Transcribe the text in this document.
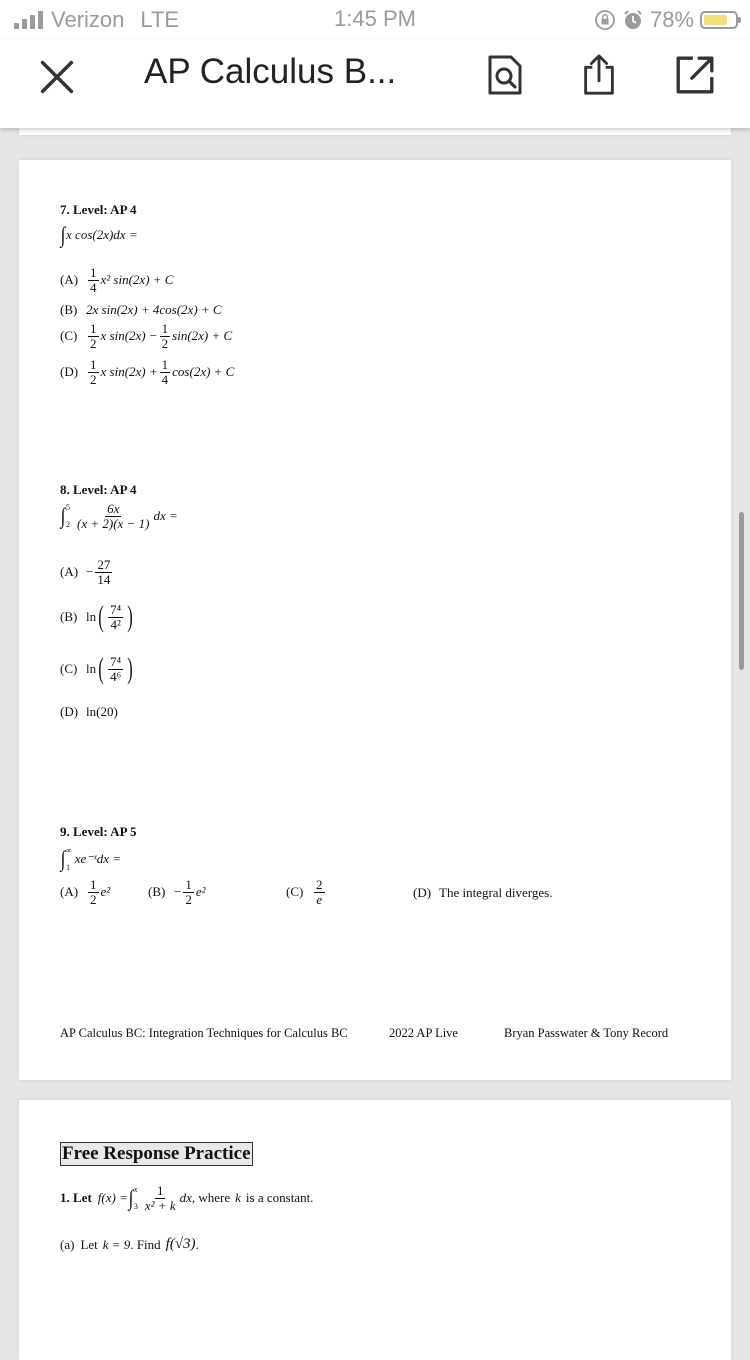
Verizon LTE	1:45 PM	78%
AP Calculus B...
7. Level: AP 4
∫ x cos(2x)dx =
$(A) \frac{1}{4} x^2$ sin(2x) + C
(B) 2x sin(2x) + 4cos(2x) + C
$(C) \frac{1}{2}$ x $\sin(2x) - \frac{1}{2} \sin(2x) + C$
$(D) \frac{1}{2}$ x $\sin(2x) + \frac{1}{4} \cos(2x) + C$
8. Level: AP 4
∫ 5
$2 \frac{6x}{(x + 2)(x - 1)}$ dx =
$(A) - \frac{27}{14}$
(B) ln ( $\frac{\text{7⁴}}{\text{4²}}$ )
(C) ln ( $\frac{\text{7⁴}}{\text{4⁶}}$ )
(D) ln(20)
9. Level: AP 5
∫ ∞
1
xe⁻ˣdx =
$(A) \frac{1}{2} e^2$	$(B) - \frac{1}{2} e^2$	$(C) \frac{2}{e}$	(D) The integral diverges.
AP Calculus BC: Integration Techniques for Calculus BC	2022 AP Live	Bryan Passwater & Tony Record
Free Response Practice
1. Let f(x) = ∫ x
$3 \frac{1}{\text{x² + k}}$ dx , where k is a constant.
(a) Let k = 9 . Find f(√3) .
